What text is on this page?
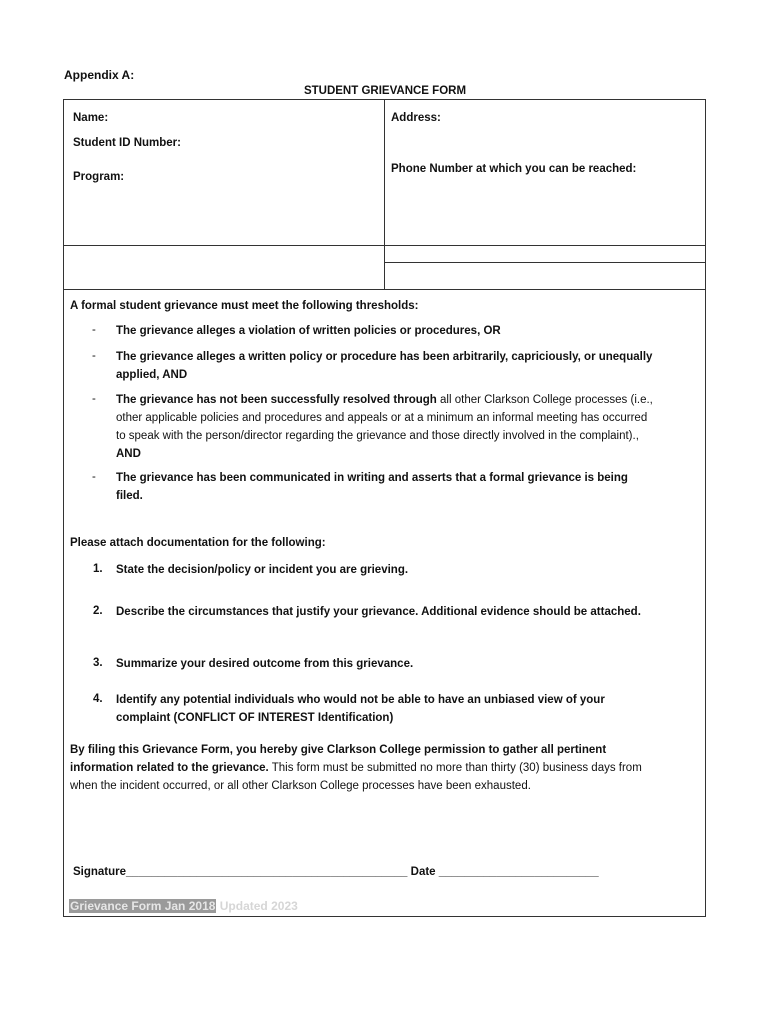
Appendix A:
STUDENT GRIEVANCE FORM
Name:
Student ID Number:
Program:
Address:
Phone Number at which you can be reached:
A formal student grievance must meet the following thresholds:
- The grievance alleges a violation of written policies or procedures, OR
- The grievance alleges a written policy or procedure has been arbitrarily, capriciously, or unequally applied, AND
- The grievance has not been successfully resolved through all other Clarkson College processes (i.e., other applicable policies and procedures and appeals or at a minimum an informal meeting has occurred to speak with the person/director regarding the grievance and those directly involved in the complaint)., AND
- The grievance has been communicated in writing and asserts that a formal grievance is being filed.
Please attach documentation for the following:
1. State the decision/policy or incident you are grieving.
2. Describe the circumstances that justify your grievance. Additional evidence should be attached.
3. Summarize your desired outcome from this grievance.
4. Identify any potential individuals who would not be able to have an unbiased view of your complaint (CONFLICT OF INTEREST Identification)
By filing this Grievance Form, you hereby give Clarkson College permission to gather all pertinent information related to the grievance. This form must be submitted no more than thirty (30) business days from when the incident occurred, or all other Clarkson College processes have been exhausted.
Signature____________________________________________ Date _________________________
Grievance Form Jan 2018 Updated 2023
